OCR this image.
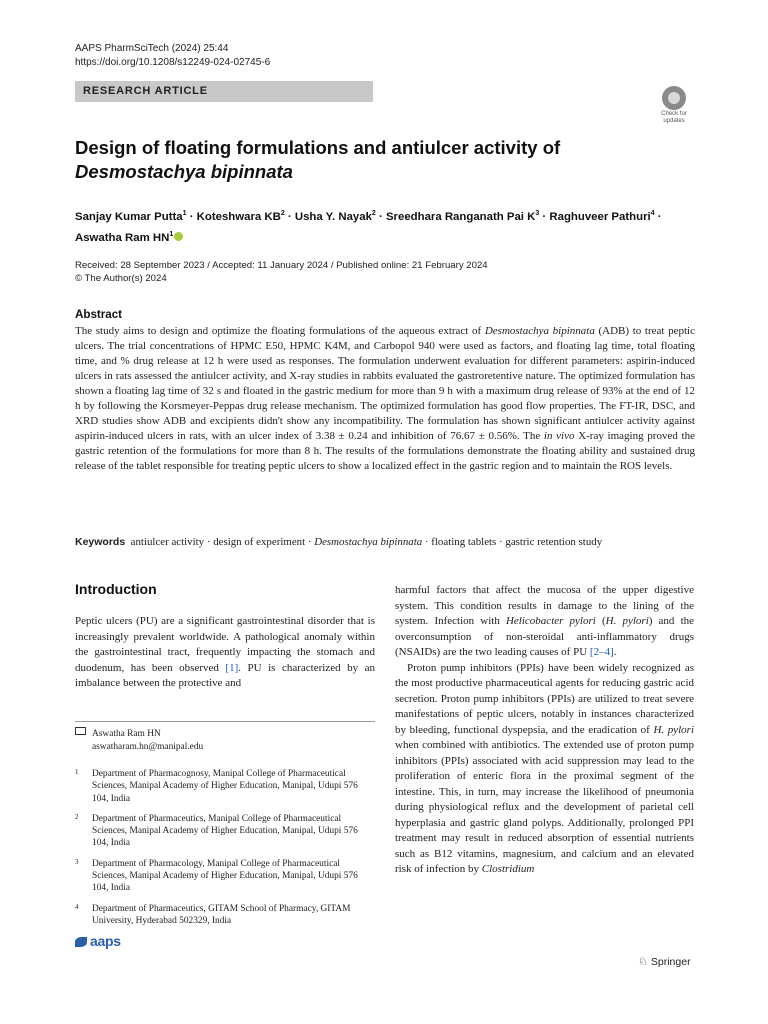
AAPS PharmSciTech (2024) 25:44
https://doi.org/10.1208/s12249-024-02745-6
RESEARCH ARTICLE
Check for
updates
Design of floating formulations and antiulcer activity of Desmostachya bipinnata
Sanjay Kumar Putta$^1$ · Koteshwara $KB^2$ · Usha Y. Nayak$^2$ · Sreedhara Ranganath Pai $K^3$ · Raghuveer Pathuri$^4$ ·
Aswatha Ram $HN^1$
Received: 28 September 2023 / Accepted: 11 January 2024 / Published online: 21 February 2024
© The Author(s) 2024
Abstract
The study aims to design and optimize the floating formulations of the aqueous extract of Desmostachya bipinnata (ADB) to treat peptic ulcers. The trial concentrations of HPMC E50, HPMC K4M, and Carbopol 940 were used as factors, and floating lag time, total floating time, and % drug release at 12 h were used as responses. The formulation underwent evaluation for different parameters: aspirin-induced ulcers in rats assessed the antiulcer activity, and X-ray studies in rabbits evaluated the gastroretentive nature. The optimized formulation has shown a floating lag time of 32 s and floated in the gastric medium for more than 9 h with a maximum drug release of 93% at the end of 12 h by following the Korsmeyer-Peppas drug release mechanism. The optimized formulation has good flow properties. The FT-IR, DSC, and XRD studies show ADB and excipients didn't show any incompatibility. The formulation has shown significant antiulcer activity against aspirin-induced ulcers in rats, with an ulcer index of 3.38 ± 0.24 and inhibition of 76.67 ± 0.56%. The in vivo X-ray imaging proved the gastric retention of the formulations for more than 8 h. The results of the formulations demonstrate the floating ability and sustained drug release of the tablet responsible for treating peptic ulcers to show a localized effect in the gastric region and to maintain the ROS levels.
Keywords antiulcer activity · design of experiment · Desmostachya bipinnata · floating tablets · gastric retention study
Introduction

Peptic ulcers (PU) are a significant gastrointestinal disorder that is increasingly prevalent worldwide. A pathological anomaly within the gastrointestinal tract, frequently impacting the stomach and duodenum, has been observed [1]. PU is characterized by an imbalance between the protective and

Aswatha Ram HN
aswatharam.hn@manipal.edu
1 Department of Pharmacognosy, Manipal College of Pharmaceutical Sciences, Manipal Academy of Higher Education, Manipal, Udupi 576 104, India
2 Department of Pharmaceutics, Manipal College of Pharmaceutical Sciences, Manipal Academy of Higher Education, Manipal, Udupi 576 104, India
3 Department of Pharmacology, Manipal College of Pharmaceutical Sciences, Manipal Academy of Higher Education, Manipal, Udupi 576 104, India
4 Department of Pharmaceutics, GITAM School of Pharmacy, GITAM University, Hyderabad 502329, India

harmful factors that affect the mucosa of the upper digestive system. This condition results in damage to the lining of the system. Infection with Helicobacter pylori (H. pylori) and the overconsumption of non-steroidal anti-inflammatory drugs (NSAIDs) are the two leading causes of PU [2–4].

Proton pump inhibitors (PPIs) have been widely recognized as the most productive pharmaceutical agents for reducing gastric acid secretion. Proton pump inhibitors (PPIs) are utilized to treat severe manifestations of peptic ulcers, notably in instances characterized by bleeding, functional dyspepsia, and the eradication of H. pylori when combined with antibiotics. The extended use of proton pump inhibitors (PPIs) associated with acid suppression may lead to the proliferation of enteric flora in the proximal segment of the intestine. This, in turn, may increase the likelihood of pneumonia during physiological reflux and the development of parietal cell hyperplasia and gastric gland polyps. Additionally, prolonged PPI treatment may result in reduced absorption of essential nutrients such as B12 vitamins, magnesium, and calcium and an elevated risk of infection by Clostridium

aaps
♘ Springer
